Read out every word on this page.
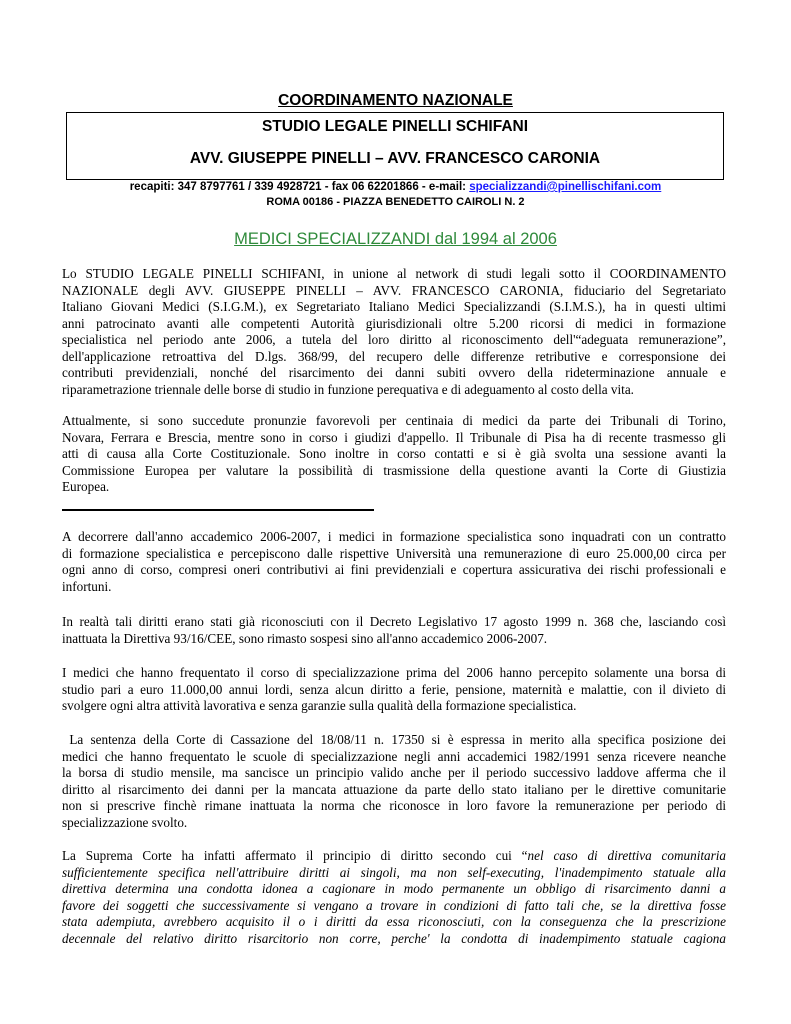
COORDINAMENTO NAZIONALE
STUDIO LEGALE PINELLI SCHIFANI
AVV. GIUSEPPE PINELLI – AVV. FRANCESCO CARONIA
recapiti: 347 8797761 / 339 4928721 - fax 06 62201866 - e-mail: specializzandi@pinellischifani.com
ROMA 00186 - PIAZZA BENEDETTO CAIROLI N. 2
MEDICI SPECIALIZZANDI dal 1994 al 2006
Lo STUDIO LEGALE PINELLI SCHIFANI, in unione al network di studi legali sotto il COORDINAMENTO
NAZIONALE degli AVV. GIUSEPPE PINELLI – AVV. FRANCESCO CARONIA, fiduciario del Segretariato
Italiano Giovani Medici (S.I.G.M.), ex Segretariato Italiano Medici Specializzandi (S.I.M.S.), ha in questi ultimi
anni patrocinato avanti alle competenti Autorità giurisdizionali oltre 5.200 ricorsi di medici in formazione
specialistica nel periodo ante 2006, a tutela del loro diritto al riconoscimento dell'“adeguata remunerazione”,
dell'applicazione retroattiva del D.lgs. 368/99, del recupero delle differenze retributive e corresponsione dei
contributi previdenziali, nonché del risarcimento dei danni subiti ovvero della rideterminazione annuale e
riparametrazione triennale delle borse di studio in funzione perequativa e di adeguamento al costo della vita.
Attualmente, si sono succedute pronunzie favorevoli per centinaia di medici da parte dei Tribunali di Torino,
Novara, Ferrara e Brescia, mentre sono in corso i giudizi d'appello. Il Tribunale di Pisa ha di recente trasmesso gli
atti di causa alla Corte Costituzionale. Sono inoltre in corso contatti e si è già svolta una sessione avanti la
Commissione Europea per valutare la possibilità di trasmissione della questione avanti la Corte di Giustizia
Europea.
A decorrere dall'anno accademico 2006-2007, i medici in formazione specialistica sono inquadrati con un contratto
di formazione specialistica e percepiscono dalle rispettive Università una remunerazione di euro 25.000,00 circa per
ogni anno di corso, compresi oneri contributivi ai fini previdenziali e copertura assicurativa dei rischi professionali e
infortuni.
In realtà tali diritti erano stati già riconosciuti con il Decreto Legislativo 17 agosto 1999 n. 368 che, lasciando così
inattuata la Direttiva 93/16/CEE, sono rimasto sospesi sino all'anno accademico 2006-2007.
I medici che hanno frequentato il corso di specializzazione prima del 2006 hanno percepito solamente una borsa di
studio pari a euro 11.000,00 annui lordi, senza alcun diritto a ferie, pensione, maternità e malattie, con il divieto di
svolgere ogni altra attività lavorativa e senza garanzie sulla qualità della formazione specialistica.
La sentenza della Corte di Cassazione del 18/08/11 n. 17350 si è espressa in merito alla specifica posizione dei
medici che hanno frequentato le scuole di specializzazione negli anni accademici 1982/1991 senza ricevere neanche
la borsa di studio mensile, ma sancisce un principio valido anche per il periodo successivo laddove afferma che il
diritto al risarcimento dei danni per la mancata attuazione da parte dello stato italiano per le direttive comunitarie
non si prescrive finchè rimane inattuata la norma che riconosce in loro favore la remunerazione per periodo di
specializzazione svolto.
La Suprema Corte ha infatti affermato il principio di diritto secondo cui “nel caso di direttiva comunitaria
sufficientemente specifica nell'attribuire diritti ai singoli, ma non self-executing, l'inadempimento statuale alla
direttiva determina una condotta idonea a cagionare in modo permanente un obbligo di risarcimento danni a
favore dei soggetti che successivamente si vengano a trovare in condizioni di fatto tali che, se la direttiva fosse
stata adempiuta, avrebbero acquisito il o i diritti da essa riconosciuti, con la conseguenza che la prescrizione
decennale del relativo diritto risarcitorio non corre, perche' la condotta di inadempimento statuale cagiona
